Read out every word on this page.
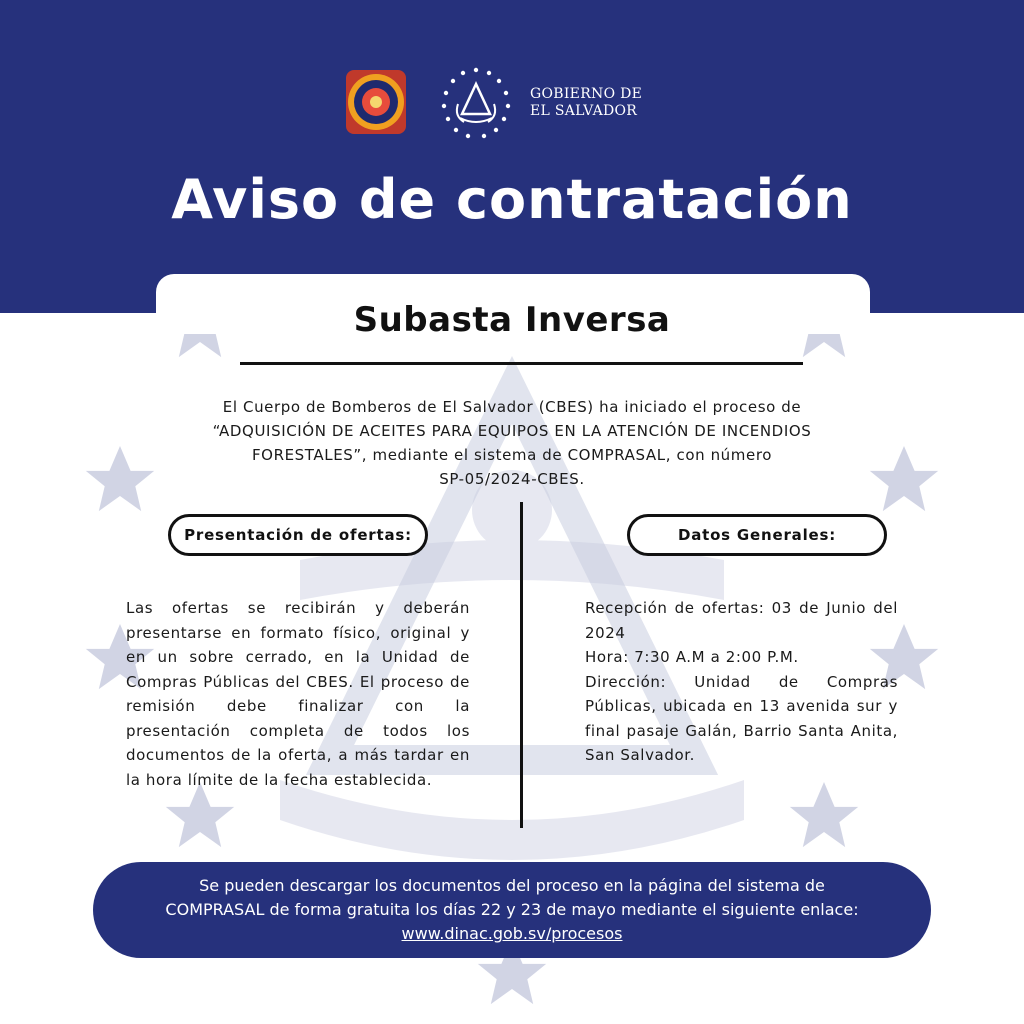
GOBIERNO DE
EL SALVADOR
Aviso de contratación
Subasta Inversa
El Cuerpo de Bomberos de El Salvador (CBES) ha iniciado el proceso de
“ADQUISICIÓN DE ACEITES PARA EQUIPOS EN LA ATENCIÓN DE INCENDIOS
FORESTALES”, mediante el sistema de COMPRASAL, con número
SP-05/2024-CBES.
Presentación de ofertas:	Datos Generales:
Las ofertas se recibirán y deberán presentarse en formato físico, original y en un sobre cerrado, en la Unidad de Compras Públicas del CBES. El proceso de remisión debe finalizar con la presentación completa de todos los documentos de la oferta, a más tardar en la hora límite de la fecha establecida.

Recepción de ofertas: 03 de Junio del 2024

Hora: 7:30 A.M a 2:00 P.M.

Dirección: Unidad de Compras Públicas, ubicada en 13 avenida sur y final pasaje Galán, Barrio Santa Anita, San Salvador.

Se pueden descargar los documentos del proceso en la página del sistema de
COMPRASAL de forma gratuita los días 22 y 23 de mayo mediante el siguiente enlace:
www.dinac.gob.sv/procesos
